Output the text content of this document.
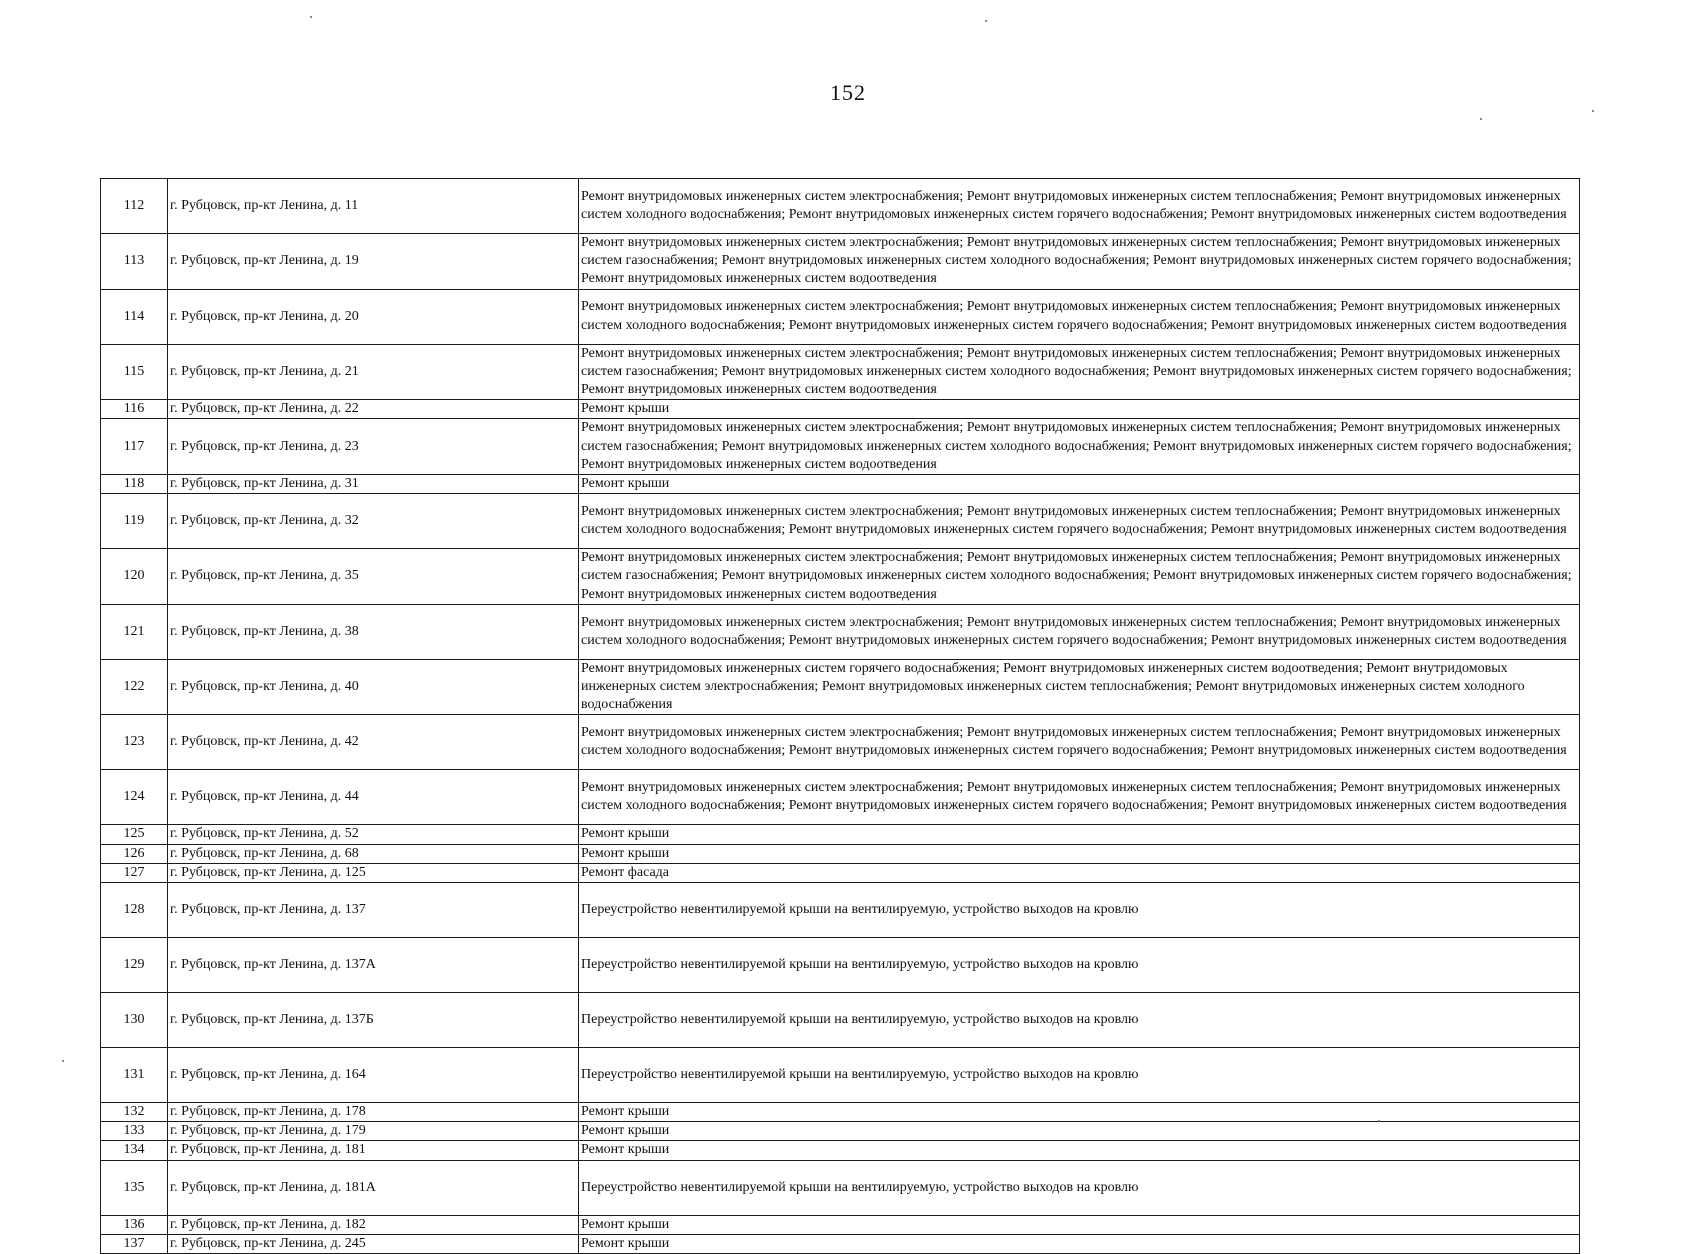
152
112	г. Рубцовск, пр-кт Ленина, д. 11	Ремонт внутридомовых инженерных систем электроснабжения; Ремонт внутридомовых инженерных систем теплоснабжения; Ремонт внутридомовых инженерных систем холодного водоснабжения; Ремонт внутридомовых инженерных систем горячего водоснабжения; Ремонт внутридомовых инженерных систем водоотведения
113	г. Рубцовск, пр-кт Ленина, д. 19	Ремонт внутридомовых инженерных систем электроснабжения; Ремонт внутридомовых инженерных систем теплоснабжения; Ремонт внутридомовых инженерных систем газоснабжения; Ремонт внутридомовых инженерных систем холодного водоснабжения; Ремонт внутридомовых инженерных систем горячего водоснабжения; Ремонт внутридомовых инженерных систем водоотведения
114	г. Рубцовск, пр-кт Ленина, д. 20	Ремонт внутридомовых инженерных систем электроснабжения; Ремонт внутридомовых инженерных систем теплоснабжения; Ремонт внутридомовых инженерных систем холодного водоснабжения; Ремонт внутридомовых инженерных систем горячего водоснабжения; Ремонт внутридомовых инженерных систем водоотведения
115	г. Рубцовск, пр-кт Ленина, д. 21	Ремонт внутридомовых инженерных систем электроснабжения; Ремонт внутридомовых инженерных систем теплоснабжения; Ремонт внутридомовых инженерных систем газоснабжения; Ремонт внутридомовых инженерных систем холодного водоснабжения; Ремонт внутридомовых инженерных систем горячего водоснабжения; Ремонт внутридомовых инженерных систем водоотведения
116	г. Рубцовск, пр-кт Ленина, д. 22	Ремонт крыши
117	г. Рубцовск, пр-кт Ленина, д. 23	Ремонт внутридомовых инженерных систем электроснабжения; Ремонт внутридомовых инженерных систем теплоснабжения; Ремонт внутридомовых инженерных систем газоснабжения; Ремонт внутридомовых инженерных систем холодного водоснабжения; Ремонт внутридомовых инженерных систем горячего водоснабжения; Ремонт внутридомовых инженерных систем водоотведения
118	г. Рубцовск, пр-кт Ленина, д. 31	Ремонт крыши
119	г. Рубцовск, пр-кт Ленина, д. 32	Ремонт внутридомовых инженерных систем электроснабжения; Ремонт внутридомовых инженерных систем теплоснабжения; Ремонт внутридомовых инженерных систем холодного водоснабжения; Ремонт внутридомовых инженерных систем горячего водоснабжения; Ремонт внутридомовых инженерных систем водоотведения
120	г. Рубцовск, пр-кт Ленина, д. 35	Ремонт внутридомовых инженерных систем электроснабжения; Ремонт внутридомовых инженерных систем теплоснабжения; Ремонт внутридомовых инженерных систем газоснабжения; Ремонт внутридомовых инженерных систем холодного водоснабжения; Ремонт внутридомовых инженерных систем горячего водоснабжения; Ремонт внутридомовых инженерных систем водоотведения
121	г. Рубцовск, пр-кт Ленина, д. 38	Ремонт внутридомовых инженерных систем электроснабжения; Ремонт внутридомовых инженерных систем теплоснабжения; Ремонт внутридомовых инженерных систем холодного водоснабжения; Ремонт внутридомовых инженерных систем горячего водоснабжения; Ремонт внутридомовых инженерных систем водоотведения
122	г. Рубцовск, пр-кт Ленина, д. 40	Ремонт внутридомовых инженерных систем горячего водоснабжения; Ремонт внутридомовых инженерных систем водоотведения; Ремонт внутридомовых инженерных систем электроснабжения; Ремонт внутридомовых инженерных систем теплоснабжения; Ремонт внутридомовых инженерных систем холодного водоснабжения
123	г. Рубцовск, пр-кт Ленина, д. 42	Ремонт внутридомовых инженерных систем электроснабжения; Ремонт внутридомовых инженерных систем теплоснабжения; Ремонт внутридомовых инженерных систем холодного водоснабжения; Ремонт внутридомовых инженерных систем горячего водоснабжения; Ремонт внутридомовых инженерных систем водоотведения
124	г. Рубцовск, пр-кт Ленина, д. 44	Ремонт внутридомовых инженерных систем электроснабжения; Ремонт внутридомовых инженерных систем теплоснабжения; Ремонт внутридомовых инженерных систем холодного водоснабжения; Ремонт внутридомовых инженерных систем горячего водоснабжения; Ремонт внутридомовых инженерных систем водоотведения
125	г. Рубцовск, пр-кт Ленина, д. 52	Ремонт крыши
126	г. Рубцовск, пр-кт Ленина, д. 68	Ремонт крыши
127	г. Рубцовск, пр-кт Ленина, д. 125	Ремонт фасада
128	г. Рубцовск, пр-кт Ленина, д. 137	Переустройство невентилируемой крыши на вентилируемую, устройство выходов на кровлю
129	г. Рубцовск, пр-кт Ленина, д. 137А	Переустройство невентилируемой крыши на вентилируемую, устройство выходов на кровлю
130	г. Рубцовск, пр-кт Ленина, д. 137Б	Переустройство невентилируемой крыши на вентилируемую, устройство выходов на кровлю
131	г. Рубцовск, пр-кт Ленина, д. 164	Переустройство невентилируемой крыши на вентилируемую, устройство выходов на кровлю
132	г. Рубцовск, пр-кт Ленина, д. 178	Ремонт крыши
133	г. Рубцовск, пр-кт Ленина, д. 179	Ремонт крыши
134	г. Рубцовск, пр-кт Ленина, д. 181	Ремонт крыши
135	г. Рубцовск, пр-кт Ленина, д. 181А	Переустройство невентилируемой крыши на вентилируемую, устройство выходов на кровлю
136	г. Рубцовск, пр-кт Ленина, д. 182	Ремонт крыши
137	г. Рубцовск, пр-кт Ленина, д. 245	Ремонт крыши
